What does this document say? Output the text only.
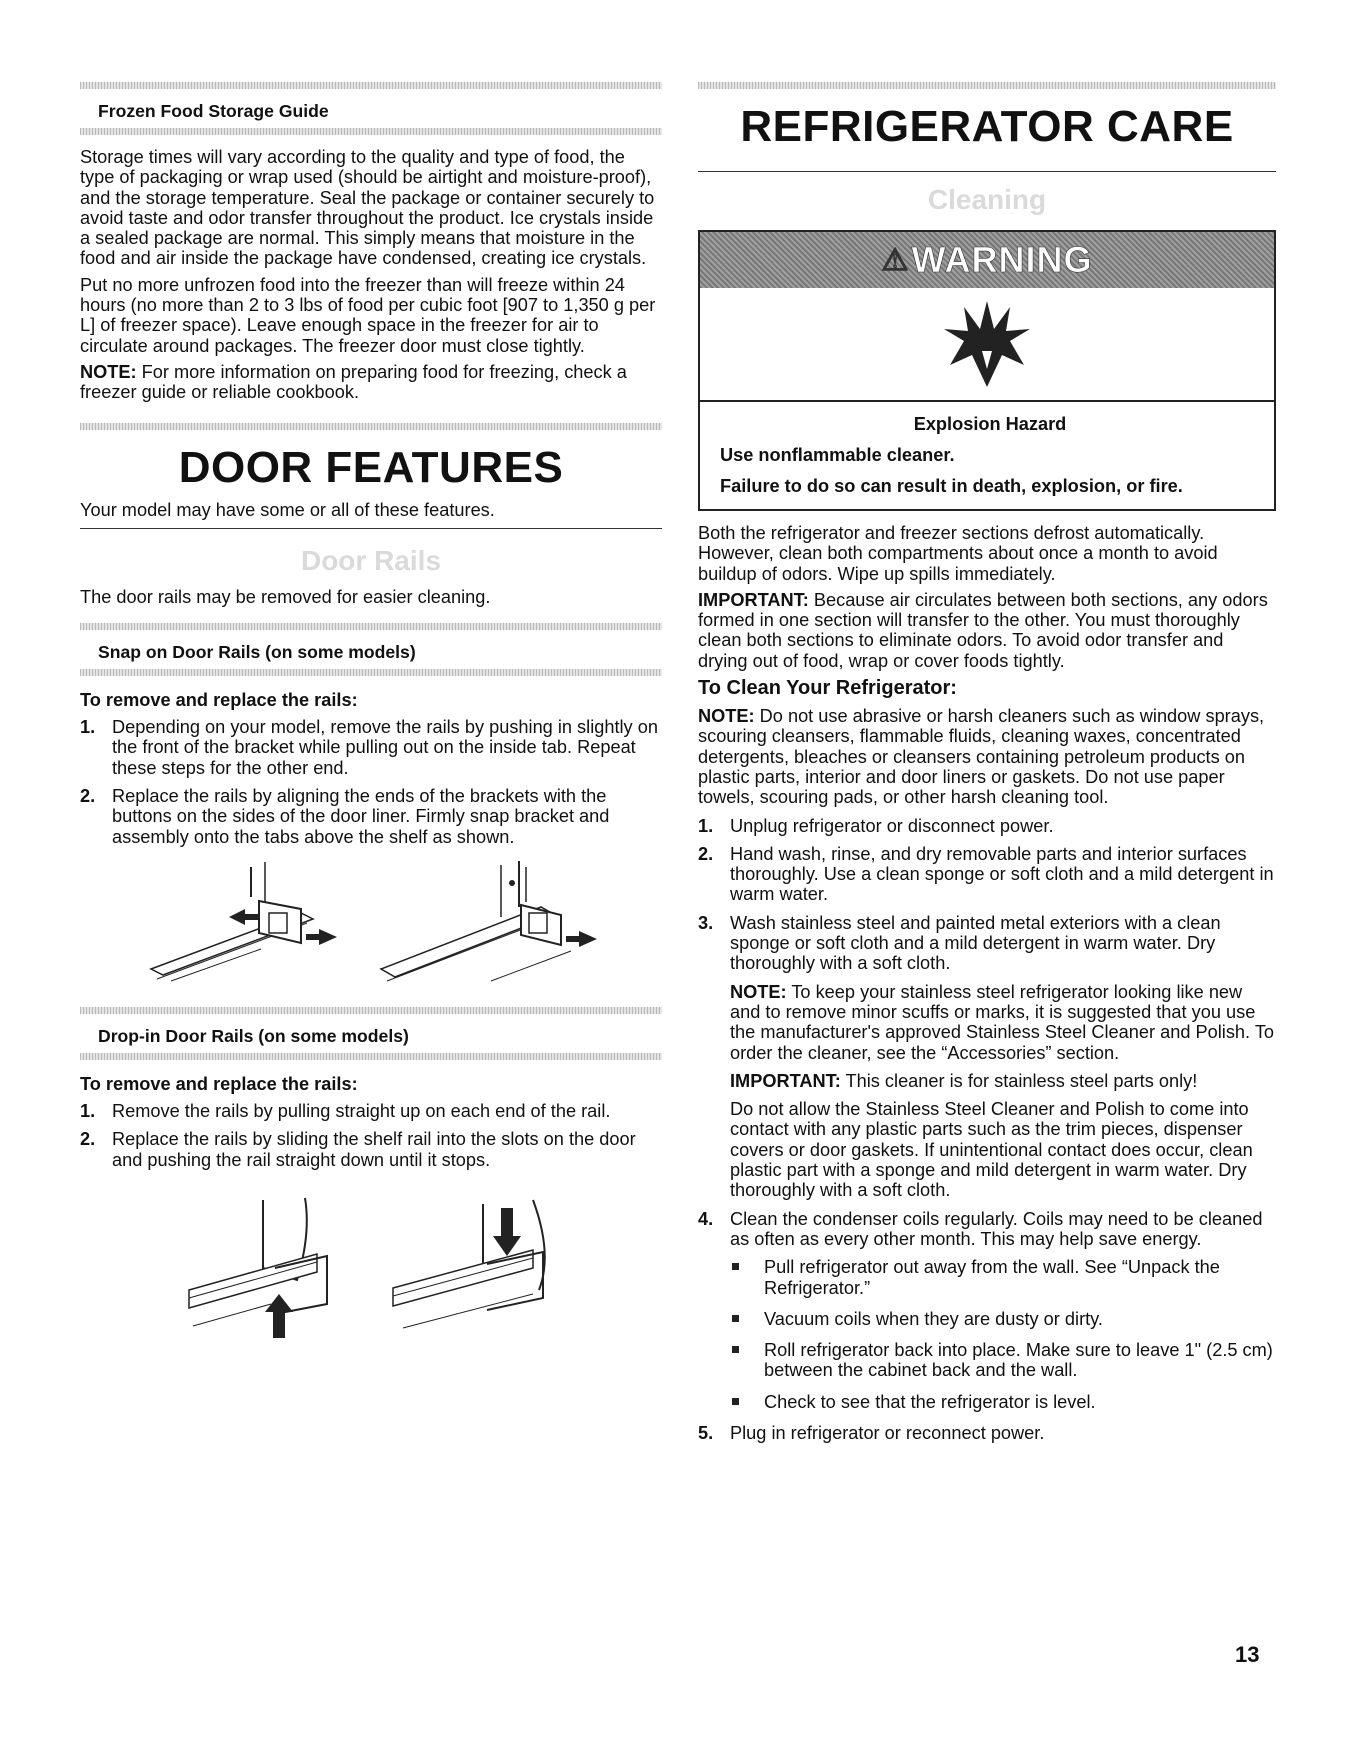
Frozen Food Storage Guide

Storage times will vary according to the quality and type of food, the type of packaging or wrap used (should be airtight and moisture-proof), and the storage temperature. Seal the package or container securely to avoid taste and odor transfer throughout the product. Ice crystals inside a sealed package are normal. This simply means that moisture in the food and air inside the package have condensed, creating ice crystals.

Put no more unfrozen food into the freezer than will freeze within 24 hours (no more than 2 to 3 lbs of food per cubic foot [907 to 1,350 g per L] of freezer space). Leave enough space in the freezer for air to circulate around packages. The freezer door must close tightly.

NOTE: For more information on preparing food for freezing, check a freezer guide or reliable cookbook.

DOOR FEATURES

Your model may have some or all of these features.

Door Rails

The door rails may be removed for easier cleaning.

Snap on Door Rails (on some models)
To remove and replace the rails:
1. Depending on your model, remove the rails by pushing in slightly on the front of the bracket while pulling out on the inside tab. Repeat these steps for the other end.
2. Replace the rails by aligning the ends of the brackets with the buttons on the sides of the door liner. Firmly snap bracket and assembly onto the tabs above the shelf as shown.
Drop-in Door Rails (on some models)
To remove and replace the rails:
1. Remove the rails by pulling straight up on each end of the rail.
2. Replace the rails by sliding the shelf rail into the slots on the door and pushing the rail straight down until it stops.
REFRIGERATOR CARE
Cleaning
⚠ WARNING
Explosion Hazard
Use nonflammable cleaner.
Failure to do so can result in death, explosion, or fire.

Both the refrigerator and freezer sections defrost automatically. However, clean both compartments about once a month to avoid buildup of odors. Wipe up spills immediately.

IMPORTANT: Because air circulates between both sections, any odors formed in one section will transfer to the other. You must thoroughly clean both sections to eliminate odors. To avoid odor transfer and drying out of food, wrap or cover foods tightly.

To Clean Your Refrigerator:

NOTE: Do not use abrasive or harsh cleaners such as window sprays, scouring cleansers, flammable fluids, cleaning waxes, concentrated detergents, bleaches or cleansers containing petroleum products on plastic parts, interior and door liners or gaskets. Do not use paper towels, scouring pads, or other harsh cleaning tool.

1. Unplug refrigerator or disconnect power.
2. Hand wash, rinse, and dry removable parts and interior surfaces thoroughly. Use a clean sponge or soft cloth and a mild detergent in warm water.
3. Wash stainless steel and painted metal exteriors with a clean sponge or soft cloth and a mild detergent in warm water. Dry thoroughly with a soft cloth.

NOTE: To keep your stainless steel refrigerator looking like new and to remove minor scuffs or marks, it is suggested that you use the manufacturer's approved Stainless Steel Cleaner and Polish. To order the cleaner, see the “Accessories” section.

IMPORTANT: This cleaner is for stainless steel parts only!

Do not allow the Stainless Steel Cleaner and Polish to come into contact with any plastic parts such as the trim pieces, dispenser covers or door gaskets. If unintentional contact does occur, clean plastic part with a sponge and mild detergent in warm water. Dry thoroughly with a soft cloth.

4. Clean the condenser coils regularly. Coils may need to be cleaned as often as every other month. This may help save energy.
Pull refrigerator out away from the wall. See “Unpack the Refrigerator.”
Vacuum coils when they are dusty or dirty.
Roll refrigerator back into place. Make sure to leave 1" (2.5 cm) between the cabinet back and the wall.
Check to see that the refrigerator is level.
5. Plug in refrigerator or reconnect power.
13
